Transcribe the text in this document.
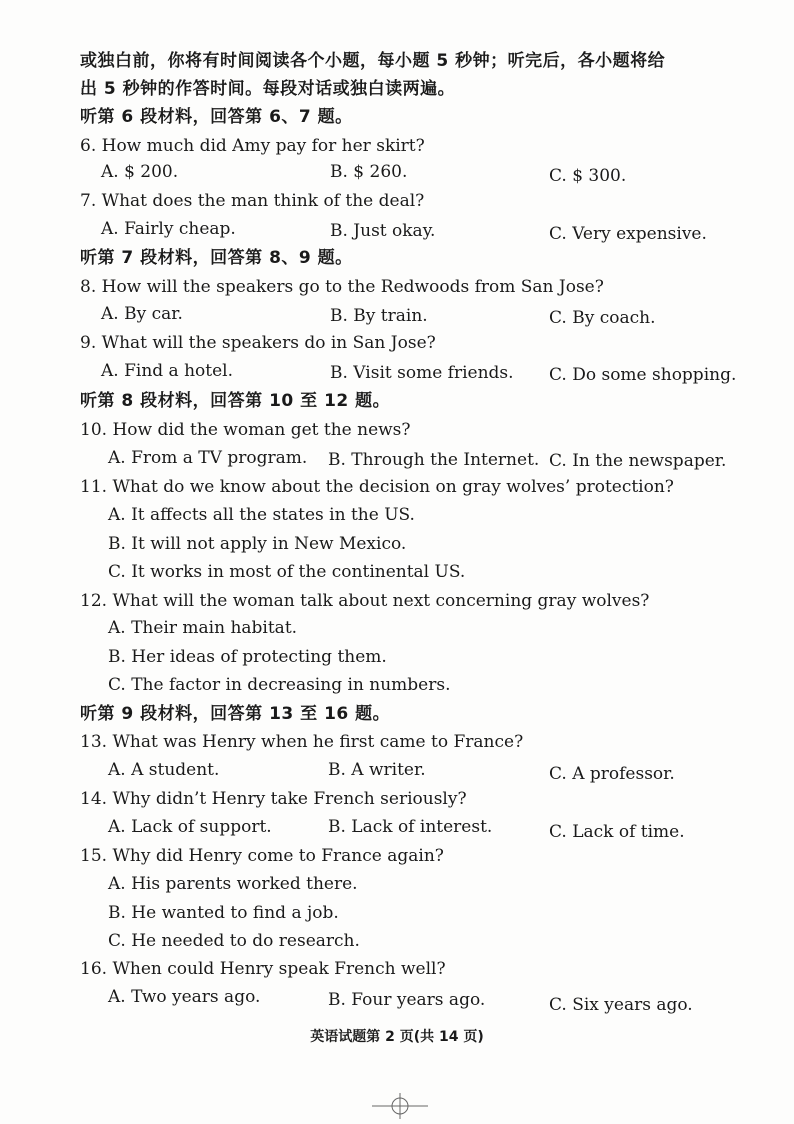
或独白前，你将有时间阅读各个小题，每小题 5 秒钟；听完后，各小题将给
出 5 秒钟的作答时间。每段对话或独白读两遍。
听第 6 段材料，回答第 6、7 题。
6. How much did Amy pay for her skirt?
A. $ 200.	B. $ 260.	C. $ 300.
7. What does the man think of the deal?
A. Fairly cheap.	B. Just okay.	C. Very expensive.
听第 7 段材料，回答第 8、9 题。
8. How will the speakers go to the Redwoods from San Jose?
A. By car.	B. By train.	C. By coach.
9. What will the speakers do in San Jose?
A. Find a hotel.	B. Visit some friends. C. Do some shopping.
听第 8 段材料，回答第 10 至 12 题。
10. How did the woman get the news?
A. From a TV program. B. Through the Internet. C. In the newspaper.
11. What do we know about the decision on gray wolves’ protection?
A. It affects all the states in the US.
B. It will not apply in New Mexico.
C. It works in most of the continental US.
12. What will the woman talk about next concerning gray wolves?
A. Their main habitat.
B. Her ideas of protecting them.
C. The factor in decreasing in numbers.
听第 9 段材料，回答第 13 至 16 题。
13. What was Henry when he first came to France?
A. A student.	B. A writer.	C. A professor.
14. Why didn’t Henry take French seriously?
A. Lack of support.	B. Lack of interest.	C. Lack of time.
15. Why did Henry come to France again?
A. His parents worked there.
B. He wanted to find a job.
C. He needed to do research.
16. When could Henry speak French well?
A. Two years ago.	B. Four years ago.	C. Six years ago.
英语试题第 2 页(共 14 页)
